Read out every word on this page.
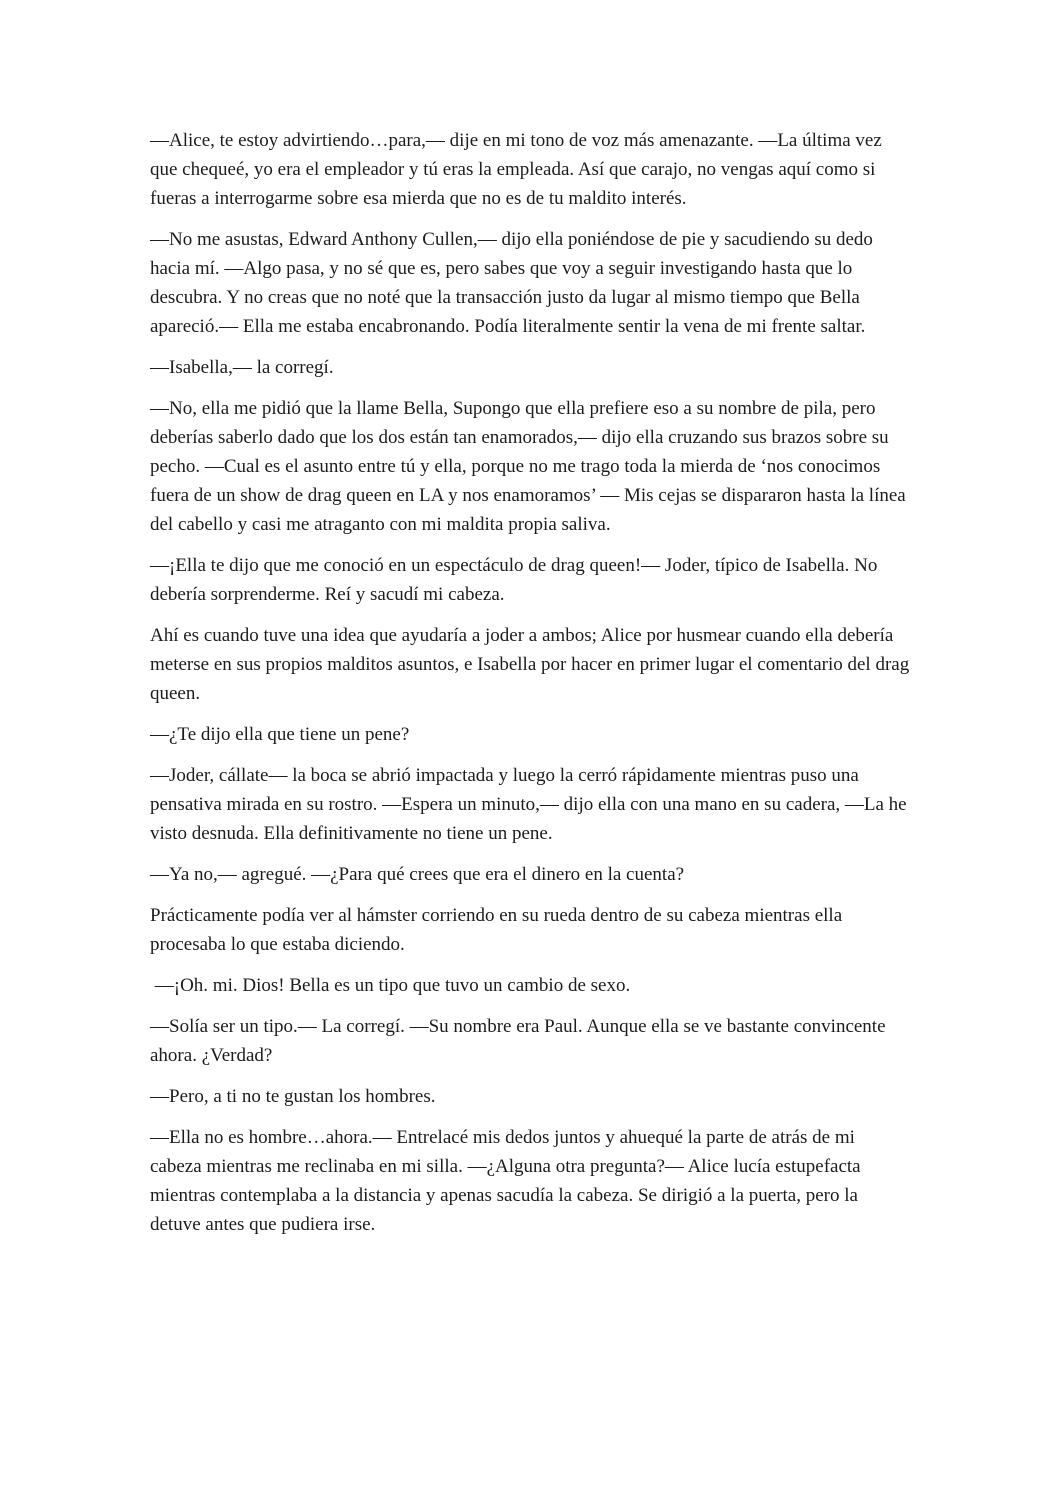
—Alice, te estoy advirtiendo…para,— dije en mi tono de voz más amenazante. —La última vez que chequeé, yo era el empleador y tú eras la empleada. Así que carajo, no vengas aquí como si fueras a interrogarme sobre esa mierda que no es de tu maldito interés.

—No me asustas, Edward Anthony Cullen,— dijo ella poniéndose de pie y sacudiendo su dedo hacia mí. —Algo pasa, y no sé que es, pero sabes que voy a seguir investigando hasta que lo descubra. Y no creas que no noté que la transacción justo da lugar al mismo tiempo que Bella apareció.— Ella me estaba encabronando. Podía literalmente sentir la vena de mi frente saltar.

—Isabella,— la corregí.

—No, ella me pidió que la llame Bella, Supongo que ella prefiere eso a su nombre de pila, pero deberías saberlo dado que los dos están tan enamorados,— dijo ella cruzando sus brazos sobre su pecho. —Cual es el asunto entre tú y ella, porque no me trago toda la mierda de ‘nos conocimos fuera de un show de drag queen en LA y nos enamoramos’ — Mis cejas se dispararon hasta la línea del cabello y casi me atraganto con mi maldita propia saliva.

—¡Ella te dijo que me conoció en un espectáculo de drag queen!— Joder, típico de Isabella. No debería sorprenderme. Reí y sacudí mi cabeza.

Ahí es cuando tuve una idea que ayudaría a joder a ambos; Alice por husmear cuando ella debería meterse en sus propios malditos asuntos, e Isabella por hacer en primer lugar el comentario del drag queen.

—¿Te dijo ella que tiene un pene?

—Joder, cállate— la boca se abrió impactada y luego la cerró rápidamente mientras puso una pensativa mirada en su rostro. —Espera un minuto,— dijo ella con una mano en su cadera, —La he visto desnuda. Ella definitivamente no tiene un pene.

—Ya no,— agregué. —¿Para qué crees que era el dinero en la cuenta?

Prácticamente podía ver al hámster corriendo en su rueda dentro de su cabeza mientras ella procesaba lo que estaba diciendo.

—¡Oh. mi. Dios! Bella es un tipo que tuvo un cambio de sexo.

—Solía ser un tipo.— La corregí. —Su nombre era Paul. Aunque ella se ve bastante convincente ahora. ¿Verdad?

—Pero, a ti no te gustan los hombres.

—Ella no es hombre…ahora.— Entrelacé mis dedos juntos y ahuequé la parte de atrás de mi cabeza mientras me reclinaba en mi silla. —¿Alguna otra pregunta?— Alice lucía estupefacta mientras contemplaba a la distancia y apenas sacudía la cabeza. Se dirigió a la puerta, pero la detuve antes que pudiera irse.
